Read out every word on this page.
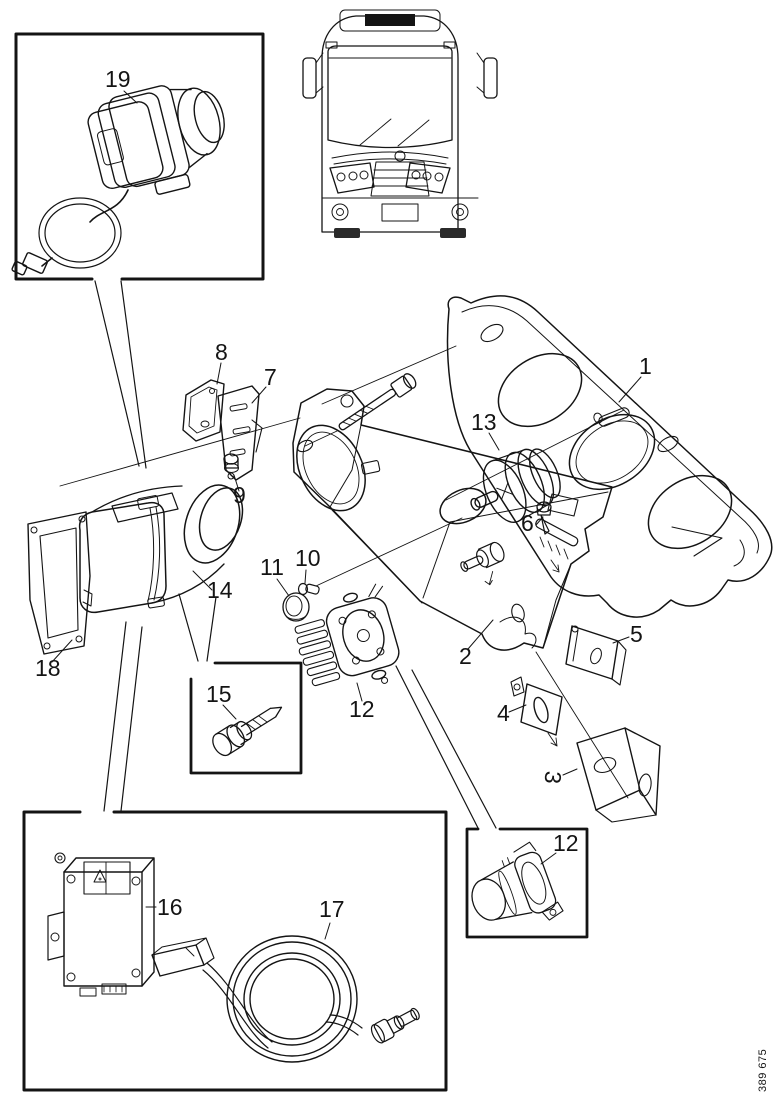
1
2
3
4
5
6
7
8
9
10
11
12
12
13
14
15
16	17
18
19
389 675
